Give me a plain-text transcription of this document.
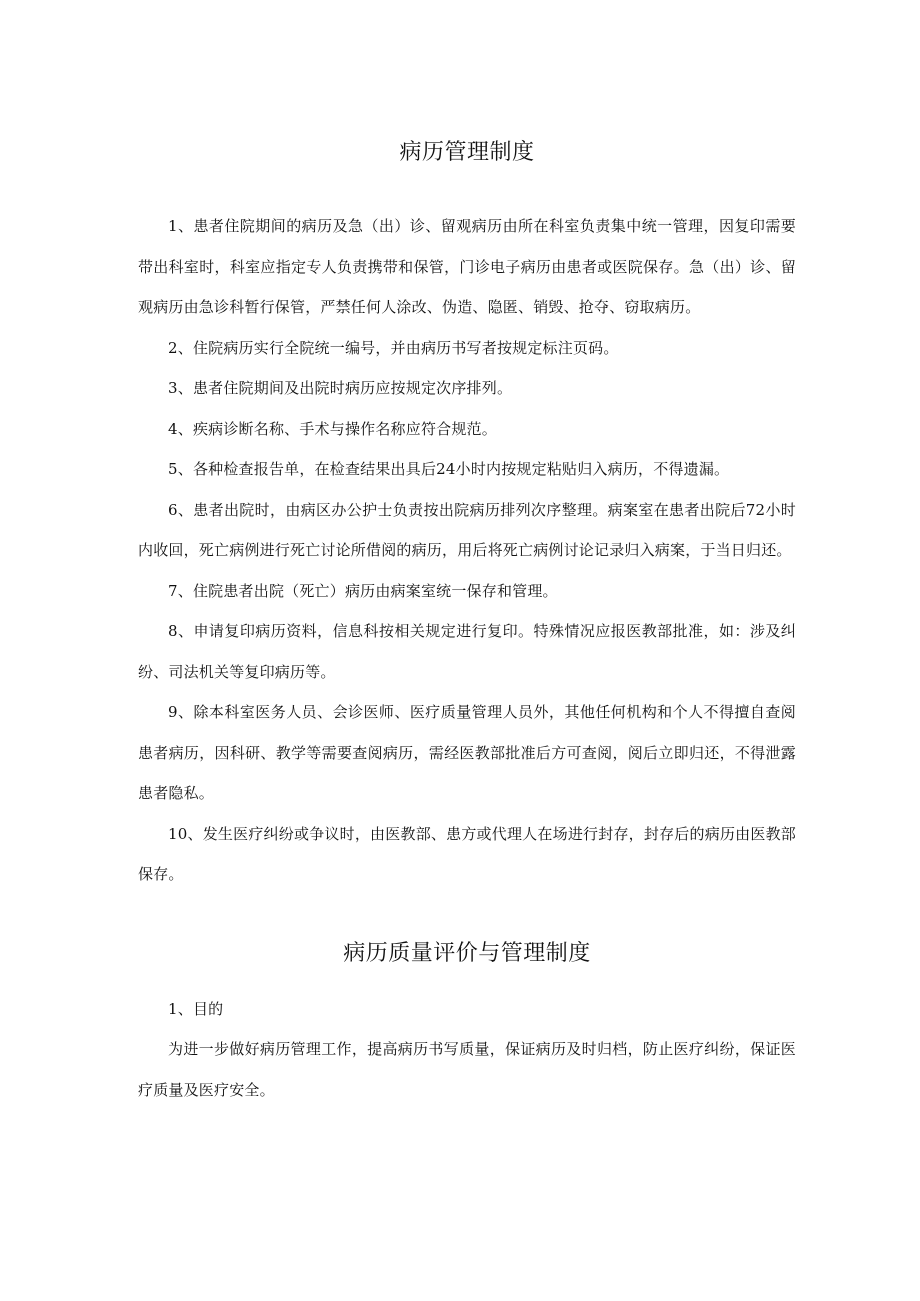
病历管理制度

1、患者住院期间的病历及急（出）诊、留观病历由所在科室负责集中统一管理，因复印需要带出科室时，科室应指定专人负责携带和保管，门诊电子病历由患者或医院保存。急（出）诊、留观病历由急诊科暂行保管，严禁任何人涂改、伪造、隐匿、销毁、抢夺、窃取病历。

2、住院病历实行全院统一编号，并由病历书写者按规定标注页码。

3、患者住院期间及出院时病历应按规定次序排列。

4、疾病诊断名称、手术与操作名称应符合规范。

5、各种检查报告单，在检查结果出具后24小时内按规定粘贴归入病历，不得遗漏。

6、患者出院时，由病区办公护士负责按出院病历排列次序整理。病案室在患者出院后72小时内收回，死亡病例进行死亡讨论所借阅的病历，用后将死亡病例讨论记录归入病案，于当日归还。

7、住院患者出院（死亡）病历由病案室统一保存和管理。

8、申请复印病历资料，信息科按相关规定进行复印。特殊情况应报医教部批准，如：涉及纠纷、司法机关等复印病历等。

9、除本科室医务人员、会诊医师、医疗质量管理人员外，其他任何机构和个人不得擅自查阅患者病历，因科研、教学等需要查阅病历，需经医教部批准后方可查阅，阅后立即归还，不得泄露患者隐私。

10、发生医疗纠纷或争议时，由医教部、患方或代理人在场进行封存，封存后的病历由医教部保存。

病历质量评价与管理制度

1、目的

为进一步做好病历管理工作，提高病历书写质量，保证病历及时归档，防止医疗纠纷，保证医疗质量及医疗安全。
